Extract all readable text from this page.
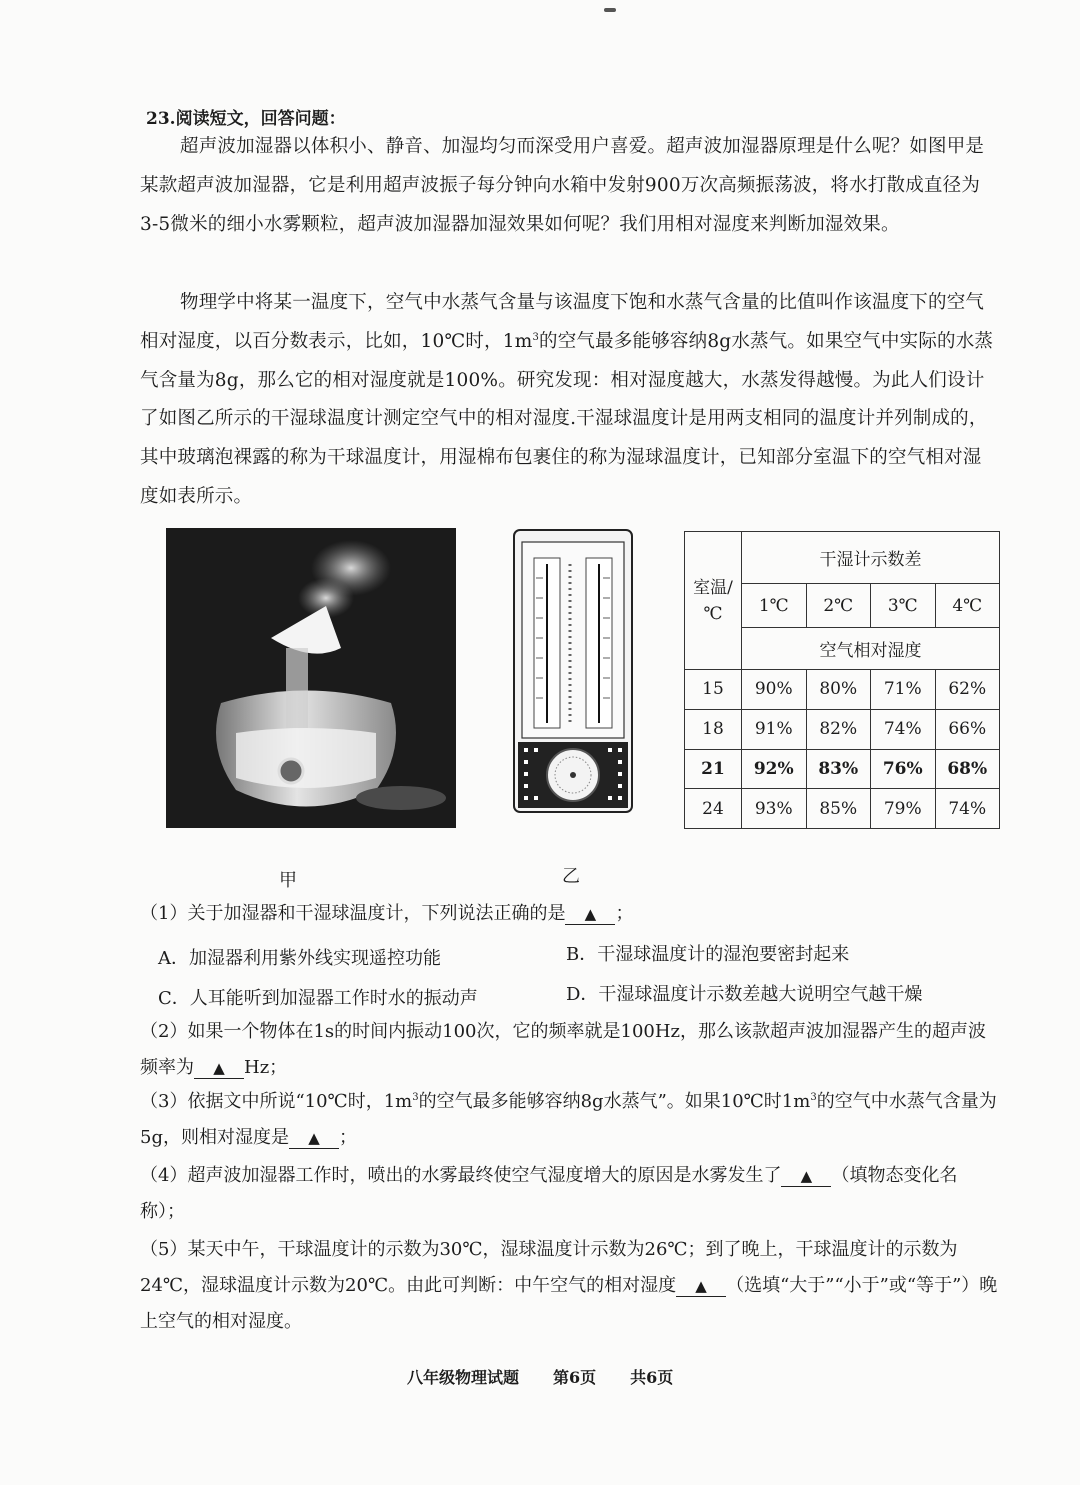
23.阅读短文，回答问题：
超声波加湿器以体积小、静音、加湿均匀而深受用户喜爱。超声波加湿器原理是什么呢？如图甲是某款超声波加湿器，它是利用超声波振子每分钟向水箱中发射900万次高频振荡波，将水打散成直径为3-5微米的细小水雾颗粒，超声波加湿器加湿效果如何呢？我们用相对湿度来判断加湿效果。
物理学中将某一温度下，空气中水蒸气含量与该温度下饱和水蒸气含量的比值叫作该温度下的空气相对湿度，以百分数表示，比如，10℃时，$1m^3$的空气最多能够容纳8g水蒸气。如果空气中实际的水蒸气含量为8g，那么它的相对湿度就是100%。研究发现：相对湿度越大，水蒸发得越慢。为此人们设计了如图乙所示的干湿球温度计测定空气中的相对湿度.干湿球温度计是用两支相同的温度计并列制成的，其中玻璃泡裸露的称为干球温度计，用湿棉布包裹住的称为湿球温度计，已知部分室温下的空气相对湿度如表所示。
甲	乙
室温/℃	干湿计示数差			
	1℃	2℃	3℃	4℃
	空气相对湿度			
15	90%	80%	71%	62%
18	91%	82%	74%	66%
21	92%	83%	76%	68%
24	93%	85%	79%	74%
（1）关于加湿器和干湿球温度计，下列说法正确的是 ▲ ；
A．加湿器利用紫外线实现遥控功能	B．干湿球温度计的湿泡要密封起来
C．人耳能听到加湿器工作时水的振动声	D．干湿球温度计示数差越大说明空气越干燥
（2）如果一个物体在1s的时间内振动100次，它的频率就是100Hz，那么该款超声波加湿器产生的超声波频率为 ▲ Hz；
（3）依据文中所说“10℃时，$1m^3$的空气最多能够容纳8g水蒸气”。如果10℃时$1m^3$的空气中水蒸气含量为5g，则相对湿度是 ▲ ；
（4）超声波加湿器工作时，喷出的水雾最终使空气湿度增大的原因是水雾发生了 ▲ （填物态变化名称）；
（5）某天中午，干球温度计的示数为30℃，湿球温度计示数为26℃；到了晚上，干球温度计的示数为24℃，湿球温度计示数为20℃。由此可判断：中午空气的相对湿度 ▲ （选填“大于”“小于”或“等于”）晚上空气的相对湿度。
八年级物理试题 第6页 共6页
